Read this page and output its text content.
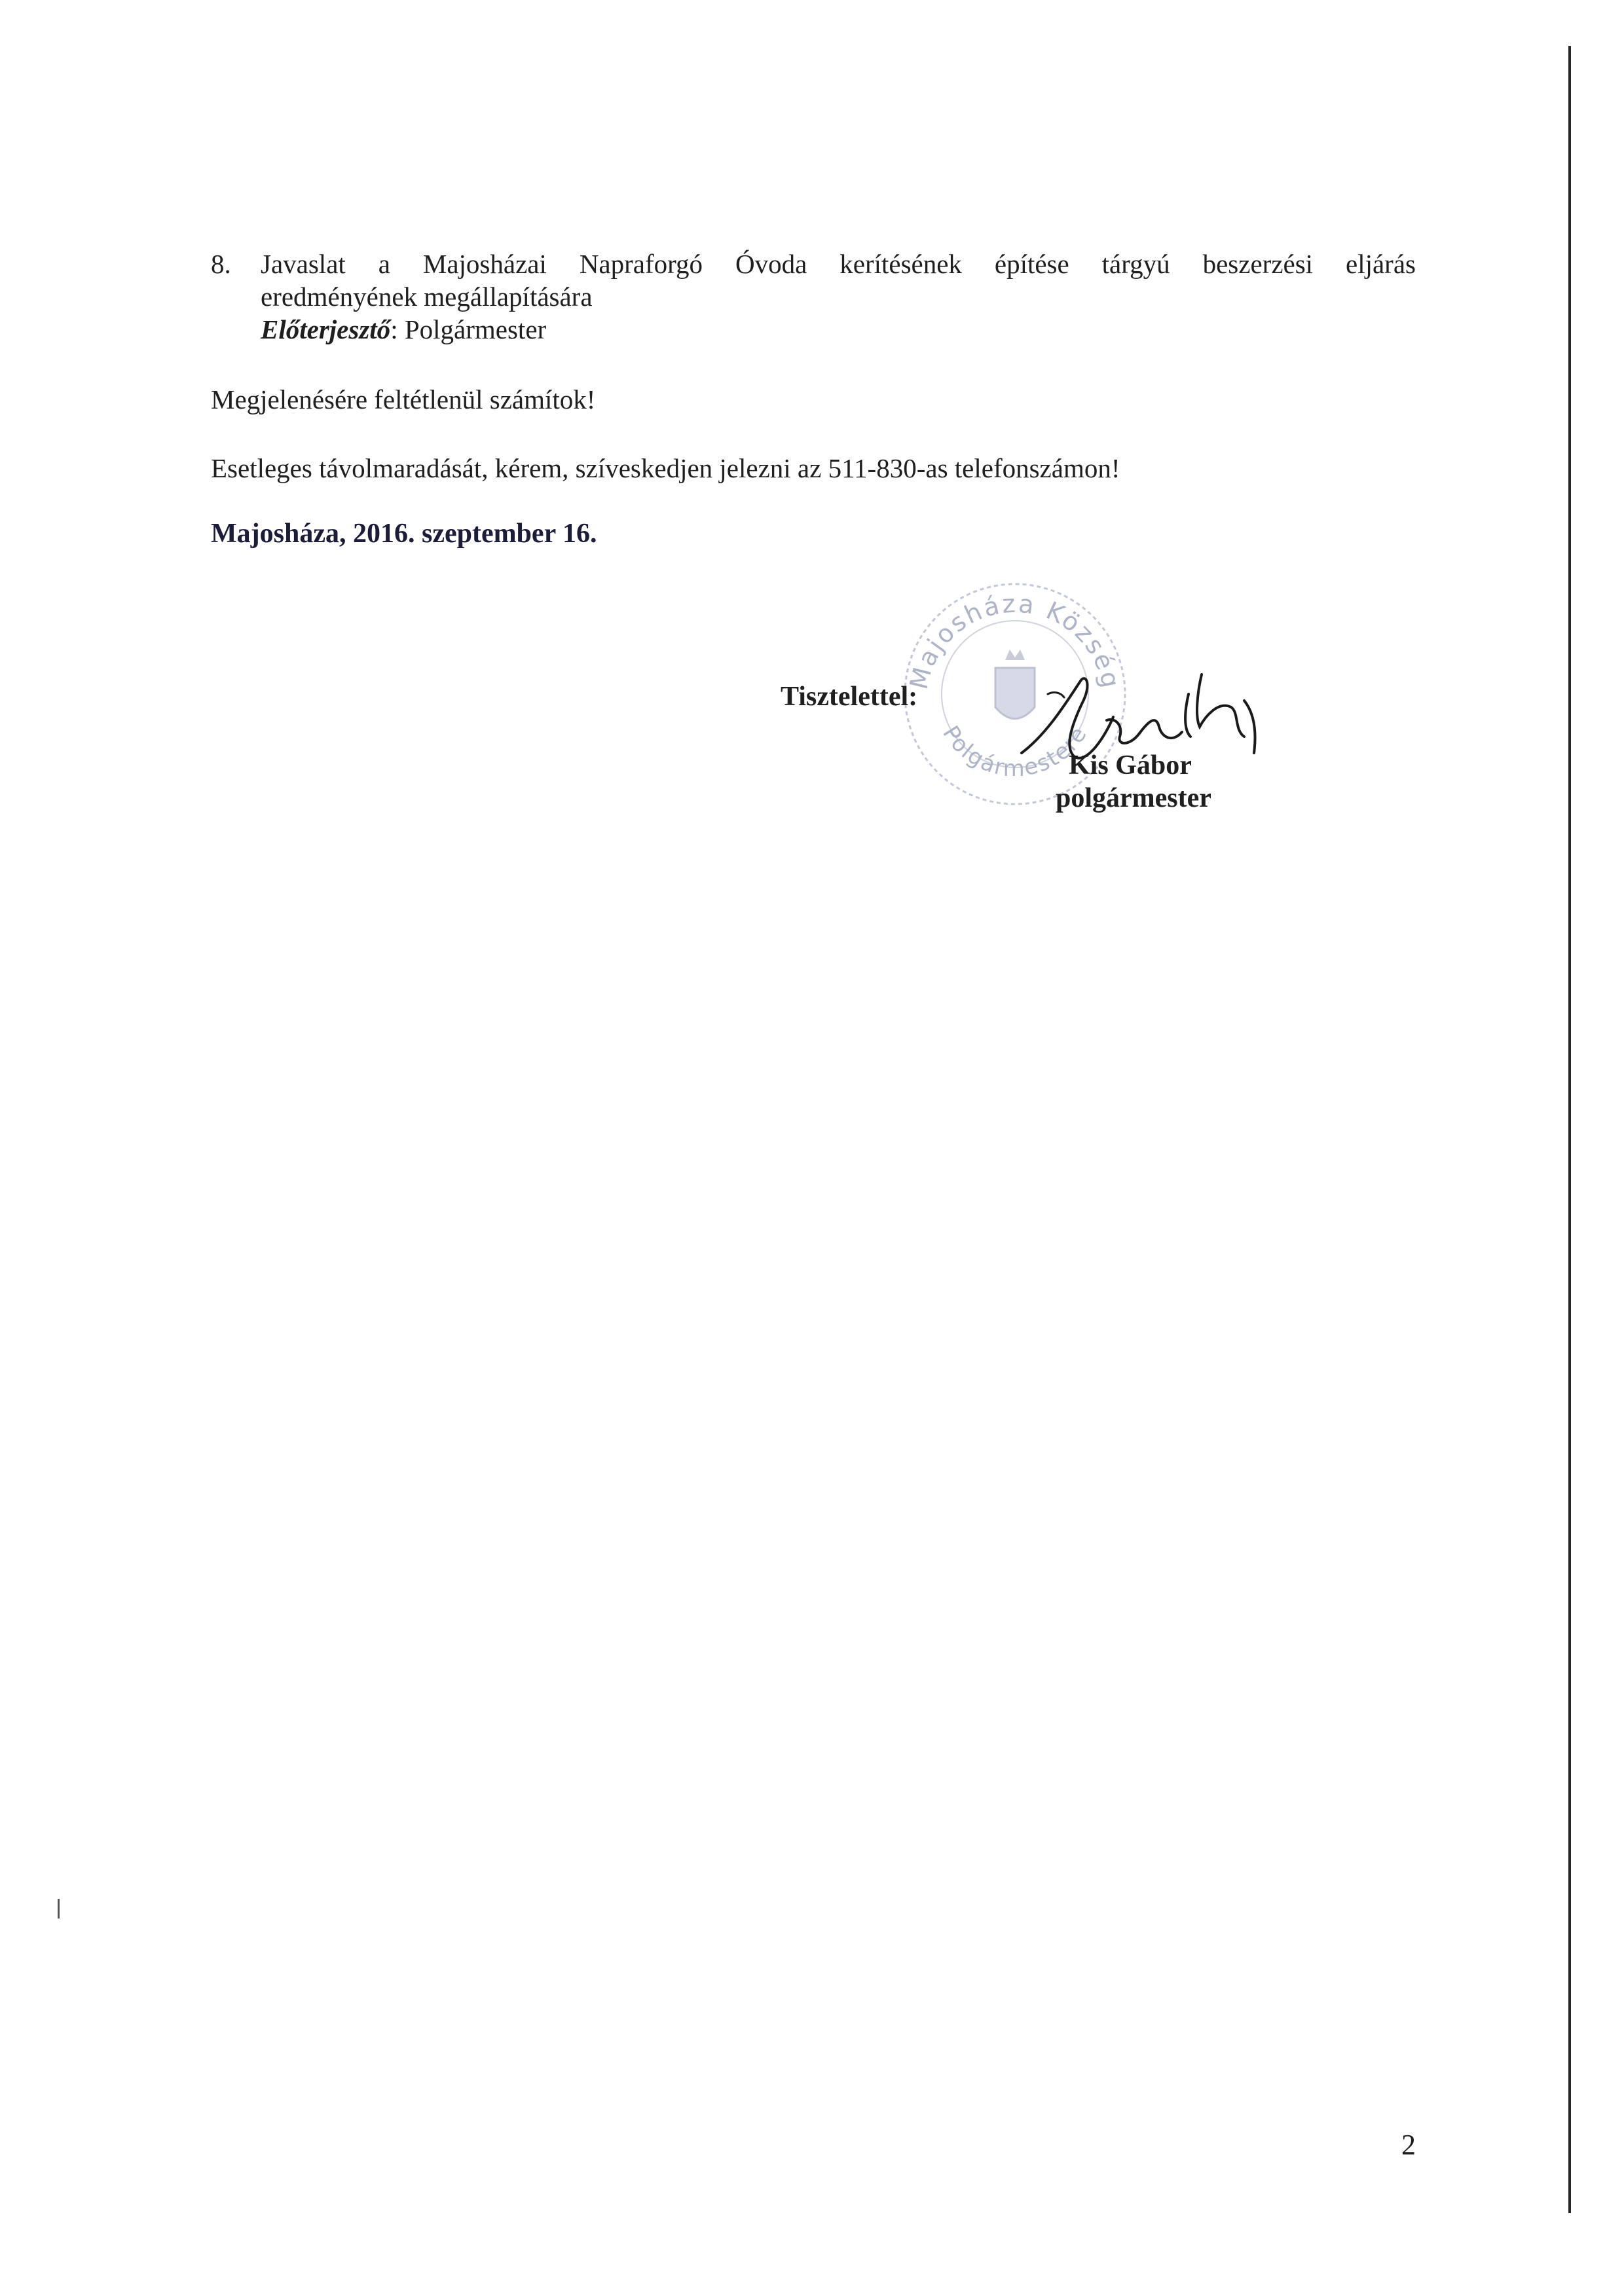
8. Javaslat a Majosházai Napraforgó Óvoda kerítésének építése tárgyú beszerzési eljárás
eredményének megállapítására
Előterjesztő: Polgármester
Megjelenésére feltétlenül számítok!
Esetleges távolmaradását, kérem, szíveskedjen jelezni az 511-830-as telefonszámon!
Majosháza, 2016. szeptember 16.
Majosháza Község
Polgármestere
Tisztelettel:
Kis Gábor
polgármester
2
